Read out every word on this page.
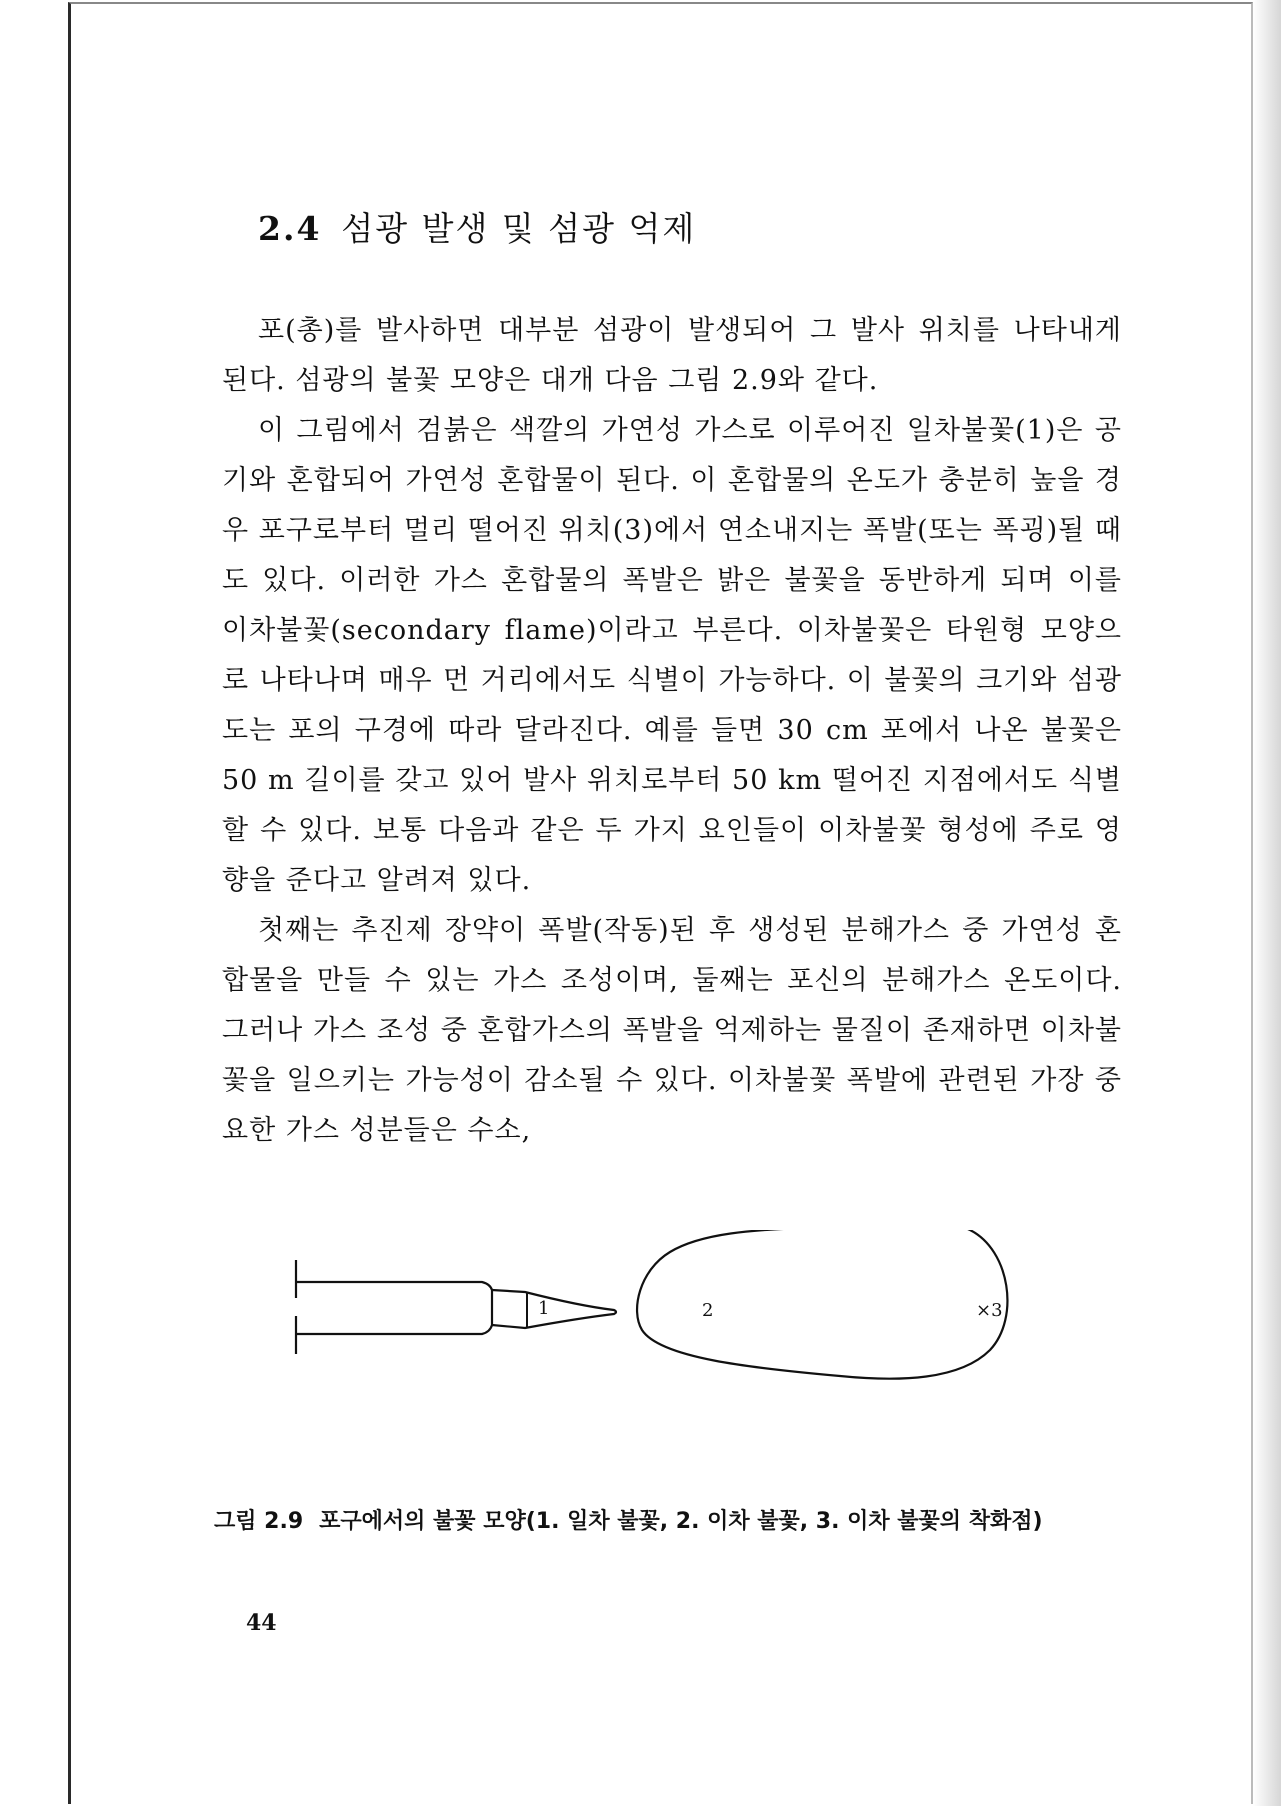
2.4 섬광 발생 및 섬광 억제

포(총)를 발사하면 대부분 섬광이 발생되어 그 발사 위치를 나타내게 된다. 섬광의 불꽃 모양은 대개 다음 그림 2.9와 같다.

이 그림에서 검붉은 색깔의 가연성 가스로 이루어진 일차불꽃(1)은 공기와 혼합되어 가연성 혼합물이 된다. 이 혼합물의 온도가 충분히 높을 경우 포구로부터 멀리 떨어진 위치(3)에서 연소내지는 폭발(또는 폭굉)될 때도 있다. 이러한 가스 혼합물의 폭발은 밝은 불꽃을 동반하게 되며 이를 이차불꽃(secondary flame)이라고 부른다. 이차불꽃은 타원형 모양으로 나타나며 매우 먼 거리에서도 식별이 가능하다. 이 불꽃의 크기와 섬광도는 포의 구경에 따라 달라진다. 예를 들면 30 cm 포에서 나온 불꽃은 50 m 길이를 갖고 있어 발사 위치로부터 50 km 떨어진 지점에서도 식별할 수 있다. 보통 다음과 같은 두 가지 요인들이 이차불꽃 형성에 주로 영향을 준다고 알려져 있다.

첫째는 추진제 장약이 폭발(작동)된 후 생성된 분해가스 중 가연성 혼합물을 만들 수 있는 가스 조성이며, 둘째는 포신의 분해가스 온도이다. 그러나 가스 조성 중 혼합가스의 폭발을 억제하는 물질이 존재하면 이차불꽃을 일으키는 가능성이 감소될 수 있다. 이차불꽃 폭발에 관련된 가장 중요한 가스 성분들은 수소,

1	2	×3

그림 2.9 포구에서의 불꽃 모양(1. 일차 불꽃, 2. 이차 불꽃, 3. 이차 불꽃의 착화점)

44
